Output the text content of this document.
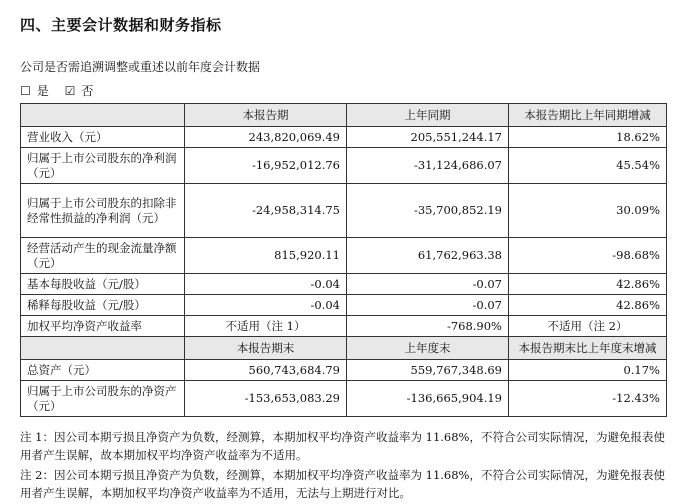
四、主要会计数据和财务指标
公司是否需追溯调整或重述以前年度会计数据
☐ 是 ☑ 否
	本报告期	上年同期	本报告期比上年同期增减
营业收入（元）	243,820,069.49	205,551,244.17	18.62%
归属于上市公司股东的净利润（元）	-16,952,012.76	-31,124,686.07	45.54%
归属于上市公司股东的扣除非经常性损益的净利润（元）	-24,958,314.75	-35,700,852.19	30.09%
经营活动产生的现金流量净额（元）	815,920.11	61,762,963.38	-98.68%
基本每股收益（元/股）	-0.04	-0.07	42.86%
稀释每股收益（元/股）	-0.04	-0.07	42.86%
加权平均净资产收益率	不适用（注 1）	-768.90%	不适用（注 2）
	本报告期末	上年度末	本报告期末比上年度末增减
总资产（元）	560,743,684.79	559,767,348.69	0.17%
归属于上市公司股东的净资产（元）	-153,653,083.29	-136,665,904.19	-12.43%

注 1：因公司本期亏损且净资产为负数，经测算，本期加权平均净资产收益率为 11.68%，不符合公司实际情况，为避免报表使用者产生误解，故本期加权平均净资产收益率为不适用。

注 2：因公司本期亏损且净资产为负数，经测算，本期加权平均净资产收益率为 11.68%，不符合公司实际情况，为避免报表使用者产生误解，本期加权平均净资产收益率为不适用，无法与上期进行对比。
